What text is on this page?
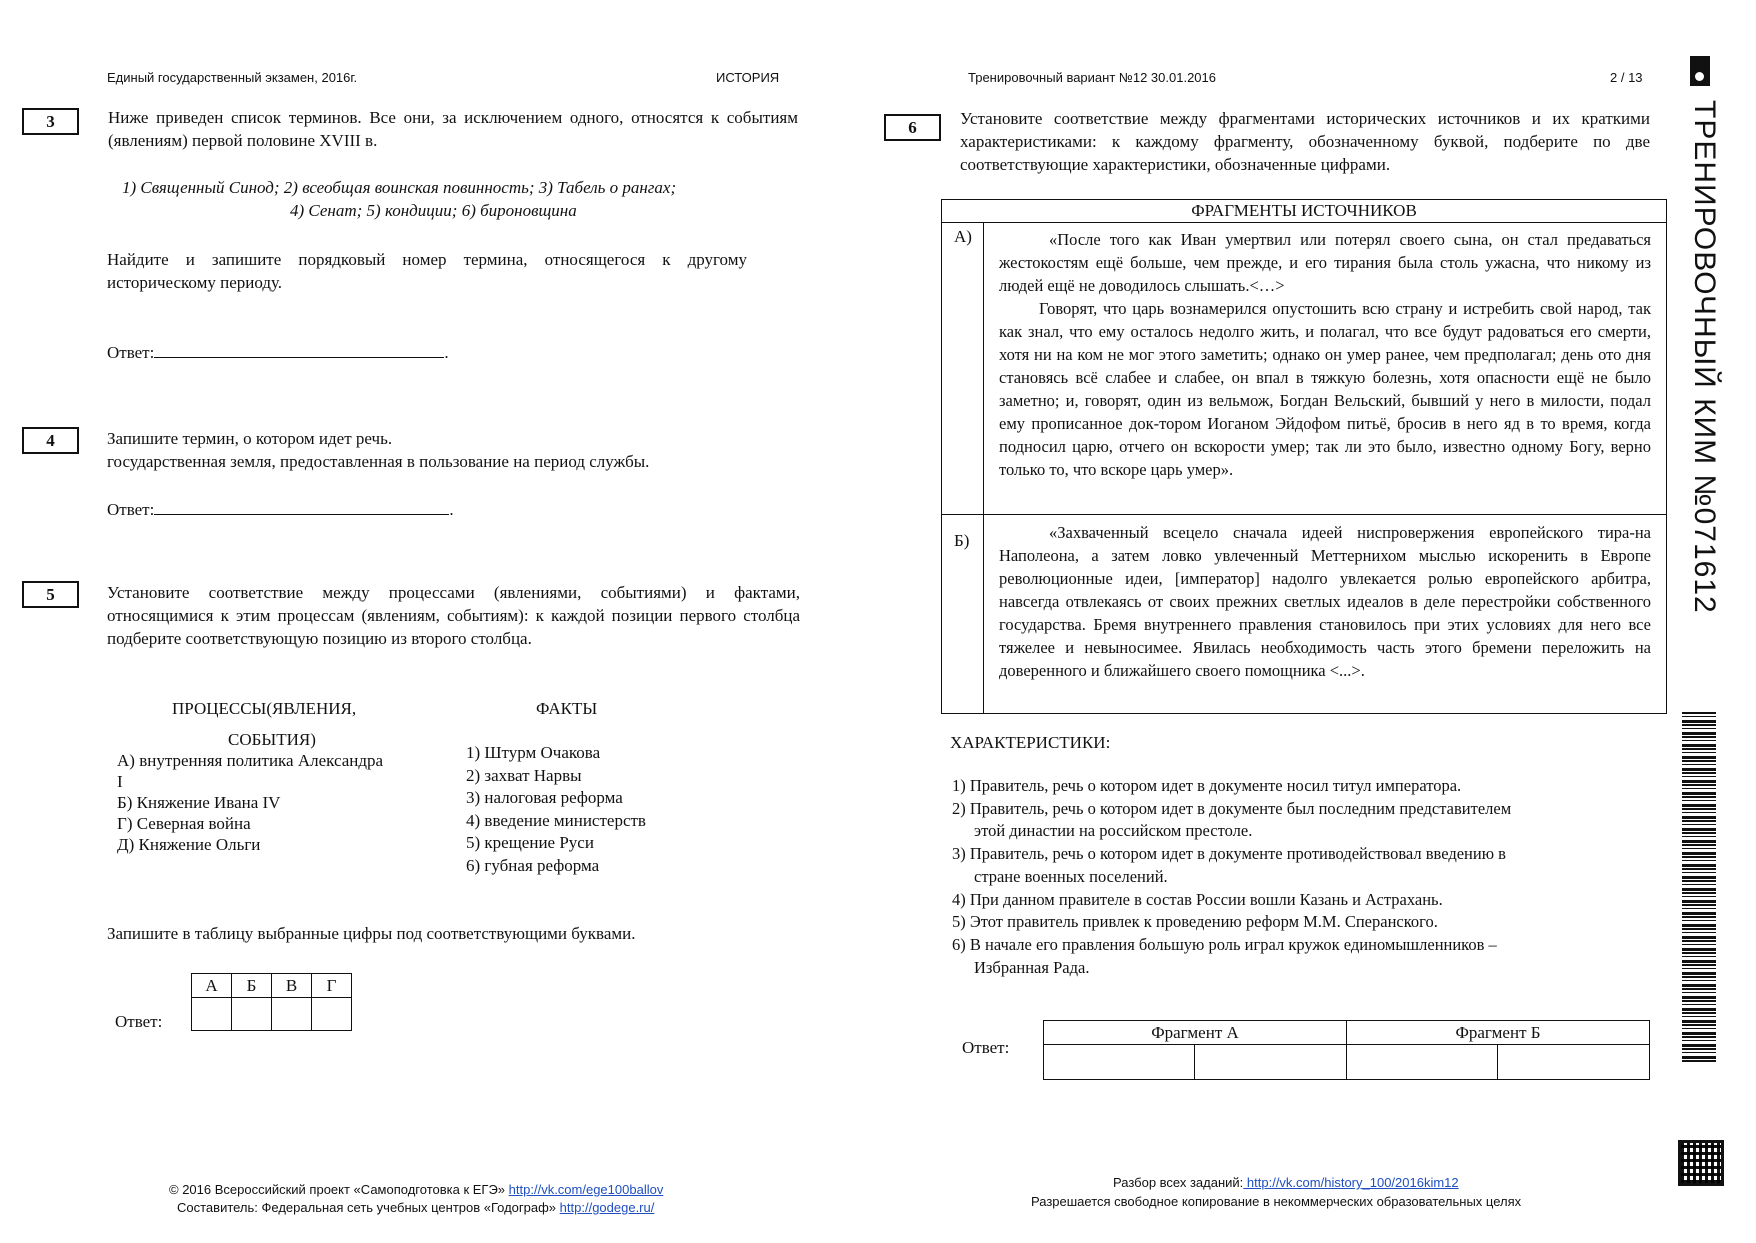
Единый государственный экзамен, 2016г.	ИСТОРИЯ	Тренировочный вариант №12 30.01.2016	2 / 13
3	Ниже приведен список терминов. Все они, за исключением одного, относятся к событиям (явлениям) первой половине XVIII в.
1) Священный Синод; 2) всеобщая воинская повинность; 3) Табель о рангах;
4) Сенат; 5) кондиции; 6) бироновщина
Найдите и запишите порядковый номер термина, относящегося к другому историческому периоду.
Ответ:	.
4	Запишите термин, о котором идет речь.
государственная земля, предоставленная в пользование на период службы.
Ответ:	.
5	Установите соответствие между процессами (явлениями, событиями) и фактами, относящимися к этим процессам (явлениям, событиям): к каждой позиции первого столбца подберите соответствующую позицию из второго столбца.
ПРОЦЕССЫ(ЯВЛЕНИЯ,
СОБЫТИЯ)
ФАКТЫ
А) внутренняя политика Александра
I
Б) Княжение Ивана IV
Г) Северная война
Д) Княжение Ольги
1) Штурм Очакова
2) захват Нарвы
3) налоговая реформа
4) введение министерств
5) крещение Руси
6) губная реформа
Запишите в таблицу выбранные цифры под соответствующими буквами.
Ответ:
А	Б	В	Г

6	Установите соответствие между фрагментами исторических источников и их краткими характеристиками: к каждому фрагменту, обозначенному буквой, подберите по две соответствующие характеристики, обозначенные цифрами.
ФРАГМЕНТЫ ИСТОЧНИКОВ
А)	«После того как Иван умертвил или потерял своего сына, он стал предаваться жестокостям ещё больше, чем прежде, и его тирания была столь ужасна, что никому из людей ещё не доводилось слышать.<…>
Говорят, что царь вознамерился опустошить всю страну и истребить свой народ, так как знал, что ему осталось недолго жить, и полагал, что все будут радоваться его смерти, хотя ни на ком не мог этого заметить; однако он умер ранее, чем предполагал; день ото дня становясь всё слабее и слабее, он впал в тяжкую болезнь, хотя опасности ещё не было заметно; и, говорят, один из вельмож, Богдан Вельский, бывший у него в милости, подал ему прописанное док-тором Иоганом Эйдофом питьё, бросив в него яд в то время, когда подносил царю, отчего он вскорости умер; так ли это было, известно одному Богу, верно только то, что вскоре царь умер».
Б)	«Захваченный всецело сначала идеей ниспровержения европейского тира-на Наполеона, а затем ловко увлеченный Меттернихом мыслью искоренить в Европе революционные идеи, [император] надолго увлекается ролью европейского арбитра, навсегда отвлекаясь от своих прежних светлых идеалов в деле перестройки собственного государства. Бремя внутреннего правления становилось при этих условиях для него все тяжелее и невыносимее. Явилась необходимость часть этого бремени переложить на доверенного и ближайшего своего помощника <...>.
ХАРАКТЕРИСТИКИ:
1) Правитель, речь о котором идет в документе носил титул императора.
2) Правитель, речь о котором идет в документе был последним представителем
этой династии на российском престоле.
3) Правитель, речь о котором идет в документе противодействовал введению в
стране военных поселений.
4) При данном правителе в состав России вошли Казань и Астрахань.
5) Этот правитель привлек к проведению реформ М.М. Сперанского.
6) В начале его правления большую роль играл кружок единомышленников –
Избранная Рада.
Ответ:
Фрагмент А		Фрагмент Б	

ТРЕНИРОВОЧНЫЙ КИМ №071612
© 2016 Всероссийский проект «Самоподготовка к ЕГЭ» http://vk.com/ege100ballov
Составитель: Федеральная сеть учебных центров «Годограф» http://godege.ru/
Разбор всех заданий: http://vk.com/history_100/2016kim12
Разрешается свободное копирование в некоммерческих образовательных целях
